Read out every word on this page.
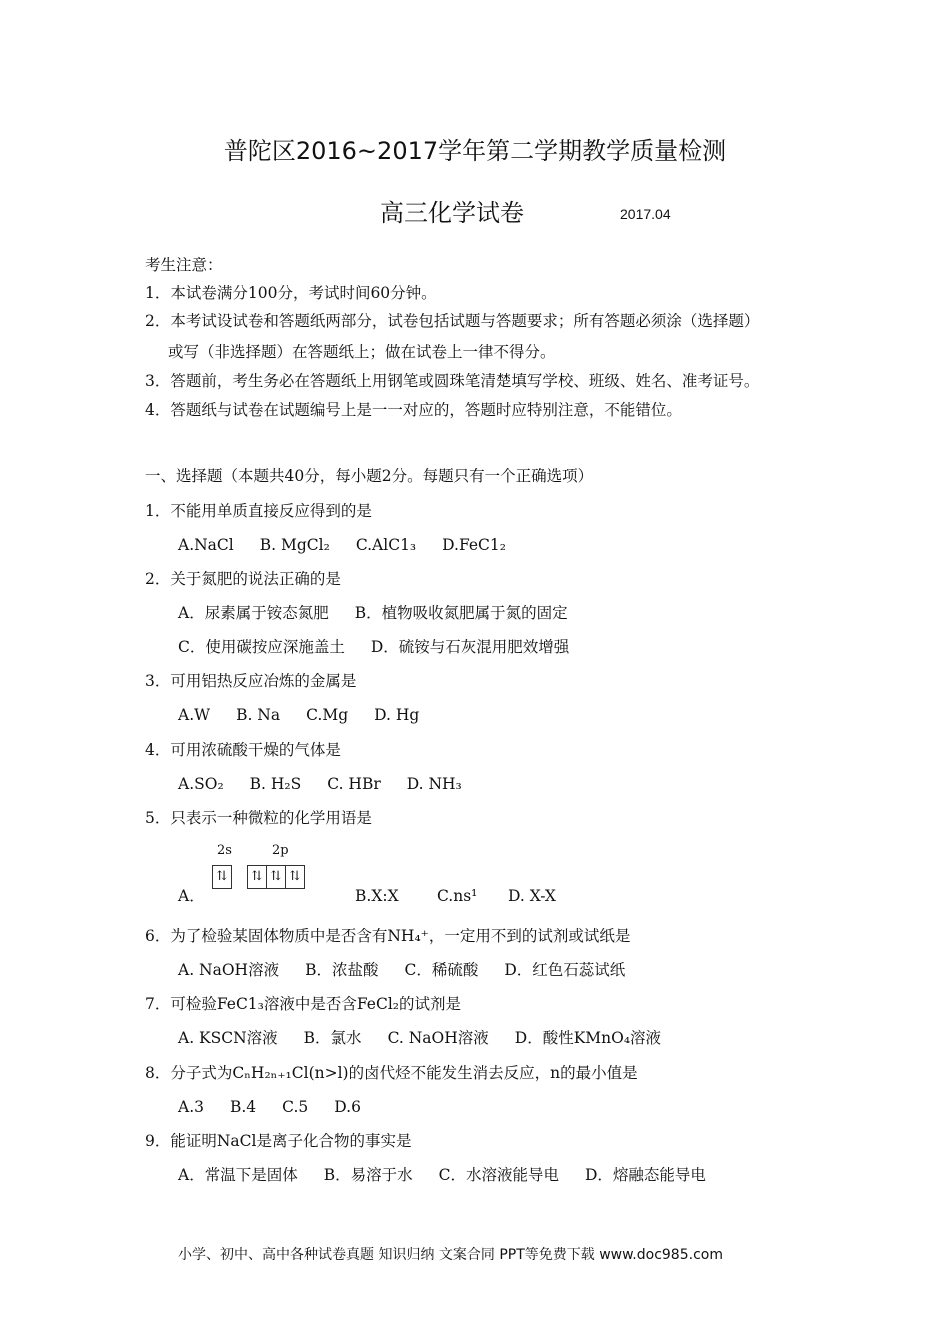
普陀区2016~2017学年第二学期教学质量检测
高三化学试卷	2017.04
考生注意：
1．本试卷满分100分，考试时间60分钟。
2．本考试设试卷和答题纸两部分，试卷包括试题与答题要求；所有答题必须涂（选择题）
或写（非选择题）在答题纸上；做在试卷上一律不得分。
3．答题前，考生务必在答题纸上用钢笔或圆珠笔清楚填写学校、班级、姓名、准考证号。
4．答题纸与试卷在试题编号上是一一对应的，答题时应特别注意，不能错位。
一、选择题（本题共40分，每小题2分。每题只有一个正确选项）
1．不能用单质直接反应得到的是
A.NaCl B. MgCl₂ C.AlC1₃ D.FeC1₂
2．关于氮肥的说法正确的是
A．尿素属于铵态氮肥 B．植物吸收氮肥属于氮的固定
C．使用碳按应深施盖土 D．硫铵与石灰混用肥效增强
3．可用铝热反应冶炼的金属是
A.W B. Na C.Mg D. Hg
4．可用浓硫酸干燥的气体是
A.SO₂ B. H₂S C. HBr D. NH₃
5．只表示一种微粒的化学用语是
2s	2p
⇅ ⇅ ⇅ ⇅
A．	B.X:X C.ns¹ D. X-X
6．为了检验某固体物质中是否含有NH₄⁺，一定用不到的试剂或试纸是
A. NaOH溶液 B．浓盐酸 C．稀硫酸 D．红色石蕊试纸
7．可检验FeC1₃溶液中是否含FeCl₂的试剂是
A. KSCN溶液 B．氯水 C. NaOH溶液 D．酸性KMnO₄溶液
8．分子式为CₙH₂ₙ₊₁Cl(n>l)的卤代烃不能发生消去反应，n的最小值是
A.3 B.4 C.5 D.6
9．能证明NaCl是离子化合物的事实是
A．常温下是固体 B．易溶于水 C．水溶液能导电 D．熔融态能导电
小学、初中、高中各种试卷真题 知识归纳 文案合同 PPT等免费下载 www.doc985.com
